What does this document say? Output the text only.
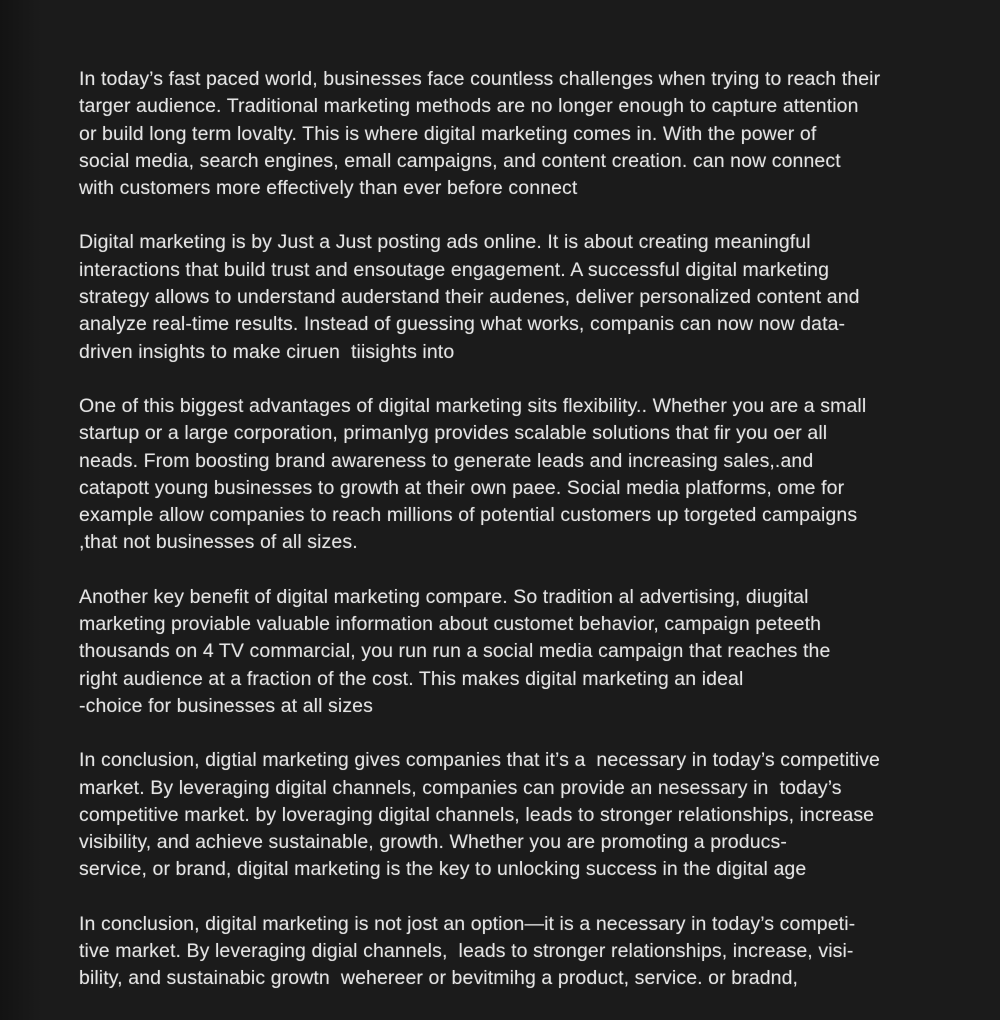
In today’s fast paced world, businesses face countless challenges when trying to reach their
targer audience. Traditional marketing methods are no longer enough to capture attention
or build long term lovalty. This is where digital marketing comes in. With the power of
social media, search engines, emall campaigns, and content creation. can now connect
with customers more effectively than ever before connect

Digital marketing is by Just a Just posting ads online. It is about creating meaningful
interactions that build trust and ensoutage engagement. A successful digital marketing
strategy allows to understand auderstand their audenes, deliver personalized content and
analyze real-time results. Instead of guessing what works, companis can now now data-
driven insights to make ciruen  tiisights into

One of this biggest advantages of digital marketing sits flexibility.. Whether you are a small
startup or a large corporation, primanlyg provides scalable solutions that fir you oer all
neads. From boosting brand awareness to generate leads and increasing sales,.and
catapott young businesses to growth at their own paee. Social media platforms, ome for
example allow companies to reach millions of potential customers up torgeted campaigns
,that not businesses of all sizes.

Another key benefit of digital marketing compare. So tradition al advertising, diugital
marketing proviable valuable information about customet behavior, campaign peteeth
thousands on 4 TV commarcial, you run run a social media campaign that reaches the
right audience at a fraction of the cost. This makes digital marketing an ideal
-choice for businesses at all sizes

In conclusion, digtial marketing gives companies that it’s a  necessary in today’s competitive
market. By leveraging digital channels, companies can provide an nesessary in  today’s
competitive market. by loveraging digital channels, leads to stronger relationships, increase
visibility, and achieve sustainable, growth. Whether you are promoting a producs-
service, or brand, digital marketing is the key to unlocking success in the digital age

In conclusion, digital marketing is not jost an option—it is a necessary in today’s competi-
tive market. By leveraging digial channels,  leads to stronger relationships, increase, visi-
bility, and sustainabic growtn  wehereer or bevitmihg a product, service. or bradnd,
